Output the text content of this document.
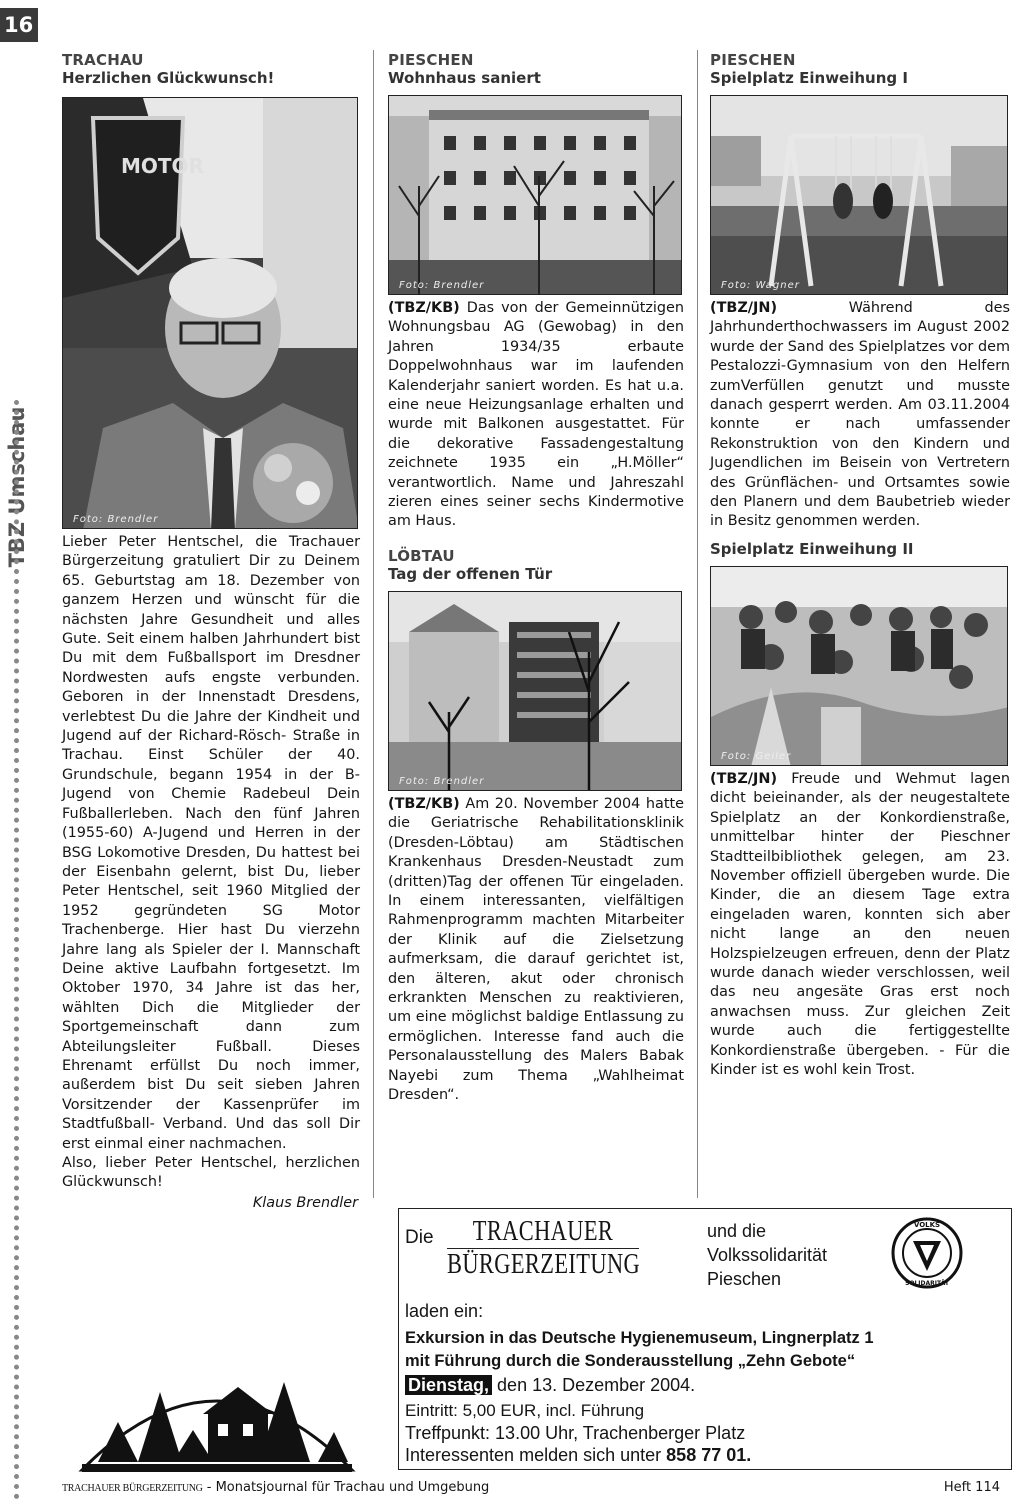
16
TBZ Umschau
TRACHAU
Herzlichen Glückwunsch!
MOTOR
Foto: Brendler
Lieber Peter Hentschel, die Trachauer Bürgerzeitung gratuliert Dir zu Deinem 65. Geburtstag am 18. Dezember von ganzem Herzen und wünscht für die nächsten Jahre Gesundheit und alles Gute. Seit einem halben Jahrhundert bist Du mit dem Fußballsport im Dresdner Nordwesten aufs engste verbunden. Geboren in der Innenstadt Dresdens, verlebtest Du die Jahre der Kindheit und Jugend auf der Richard-Rösch- Straße in Trachau. Einst Schüler der 40. Grundschule, begann 1954 in der B-Jugend von Chemie Radebeul Dein Fußballerleben. Nach den fünf Jahren (1955-60) A-Jugend und Herren in der BSG Lokomotive Dresden, Du hattest bei der Eisenbahn gelernt, bist Du, lieber Peter Hentschel, seit 1960 Mitglied der 1952 gegründeten SG Motor Trachenberge. Hier hast Du vierzehn Jahre lang als Spieler der I. Mannschaft Deine aktive Laufbahn fortgesetzt. Im Oktober 1970, 34 Jahre ist das her, wählten Dich die Mitglieder der Sportgemeinschaft dann zum Abteilungsleiter Fußball. Dieses Ehrenamt erfüllst Du noch immer, außerdem bist Du seit sieben Jahren Vorsitzender der Kassenprüfer im Stadtfußball- Verband. Und das soll Dir erst einmal einer nachmachen.
Also, lieber Peter Hentschel, herzlichen Glückwunsch!
Klaus Brendler
PIESCHEN
Wohnhaus saniert
Foto: Brendler
(TBZ/KB) Das von der Gemeinnützigen Wohnungsbau AG (Gewobag) in den Jahren 1934/35 erbaute Doppelwohnhaus war im laufenden Kalenderjahr saniert worden. Es hat u.a. eine neue Heizungsanlage erhalten und wurde mit Balkonen ausgestattet. Für die dekorative Fassadengestaltung zeichnete 1935 ein „H.Möller“ verantwortlich. Name und Jahreszahl zieren eines seiner sechs Kindermotive am Haus.
LÖBTAU
Tag der offenen Tür
Foto: Brendler
(TBZ/KB) Am 20. November 2004 hatte die Geriatrische Rehabilitationsklinik (Dresden-Löbtau) am Städtischen Krankenhaus Dresden-Neustadt zum (dritten)Tag der offenen Tür eingeladen. In einem interessanten, vielfältigen Rahmenprogramm machten Mitarbeiter der Klinik auf die Zielsetzung aufmerksam, die darauf gerichtet ist, den älteren, akut oder chronisch erkrankten Menschen zu reaktivieren, um eine möglichst baldige Entlassung zu ermöglichen. Interesse fand auch die Personalausstellung des Malers Babak Nayebi zum Thema „Wahlheimat Dresden“.
PIESCHEN
Spielplatz Einweihung I
Foto: Wagner
(TBZ/JN)	Während des Jahrhunderthochwassers im August 2002 wurde der Sand des Spielplatzes vor dem Pestalozzi-Gymnasium von den Helfern zumVerfüllen genutzt und musste danach gesperrt werden. Am 03.11.2004 konnte er nach umfassender Rekonstruktion von den Kindern und Jugendlichen im Beisein von Vertretern des Grünflächen- und Ortsamtes sowie den Planern und dem Baubetrieb wieder in Besitz genommen werden.
Spielplatz Einweihung II
Foto: Geiler
(TBZ/JN) Freude und Wehmut lagen dicht beieinander, als der neugestaltete Spielplatz an der Konkordienstraße, unmittelbar hinter der Pieschner Stadtteilbibliothek gelegen, am 23. November offiziell übergeben wurde. Die Kinder, die an diesem Tage extra eingeladen waren, konnten sich aber nicht lange an den neuen Holzspielzeugen erfreuen, denn der Platz wurde danach wieder verschlossen, weil das neu angesäte Gras erst noch anwachsen muss. Zur gleichen Zeit wurde auch die fertiggestellte Konkordienstraße übergeben. - Für die Kinder ist es wohl kein Trost.
Die	TRACHAUER
BÜRGERZEITUNG
und die
Volkssolidarität
Pieschen
VOLKS
SOLIDARITÄT
laden ein:
Exkursion in das Deutsche Hygienemuseum, Lingnerplatz 1
mit Führung durch die Sonderausstellung „Zehn Gebote“
Dienstag, den 13. Dezember 2004.
Eintritt: 5,00 EUR, incl. Führung
Treffpunkt: 13.00 Uhr, Trachenberger Platz
Interessenten melden sich unter 858 77 01.
TRACHAUER BÜRGERZEITUNG - Monatsjournal für Trachau und Umgebung	Heft 114
